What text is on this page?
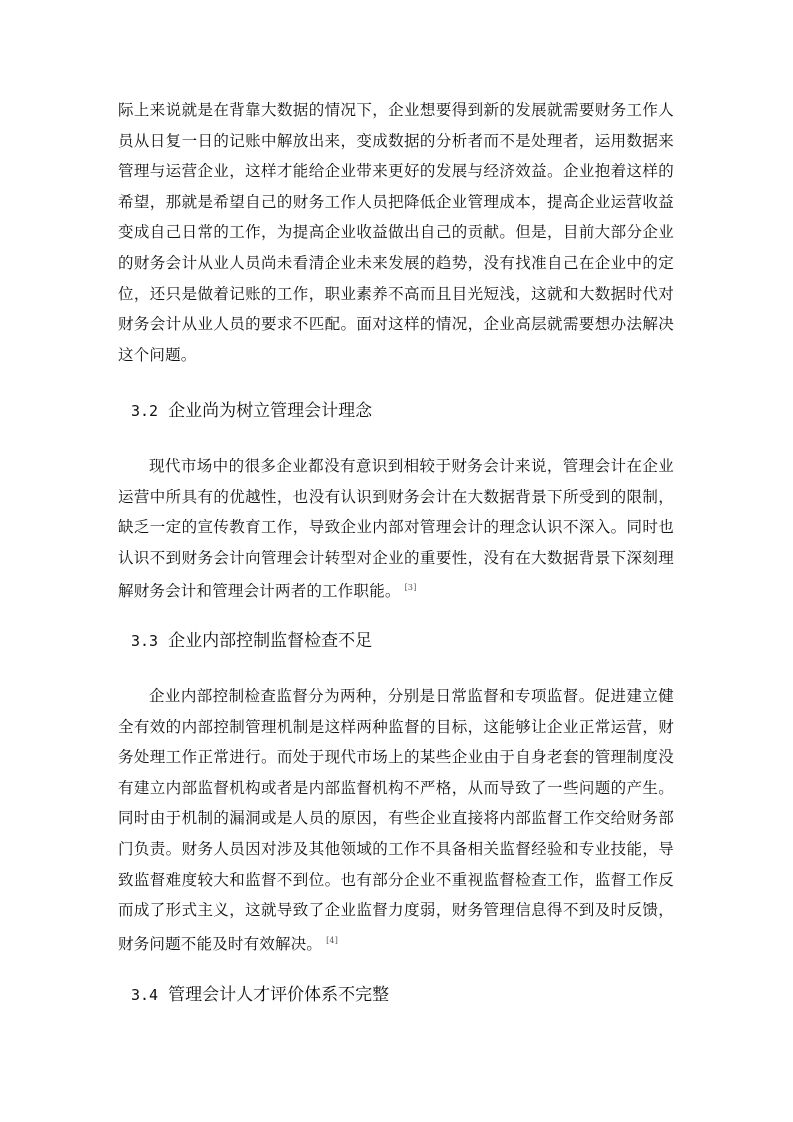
际上来说就是在背靠大数据的情况下，企业想要得到新的发展就需要财务工作人员从日复一日的记账中解放出来，变成数据的分析者而不是处理者，运用数据来管理与运营企业，这样才能给企业带来更好的发展与经济效益。企业抱着这样的希望，那就是希望自己的财务工作人员把降低企业管理成本，提高企业运营收益变成自己日常的工作，为提高企业收益做出自己的贡献。但是，目前大部分企业的财务会计从业人员尚未看清企业未来发展的趋势，没有找准自己在企业中的定位，还只是做着记账的工作，职业素养不高而且目光短浅，这就和大数据时代对财务会计从业人员的要求不匹配。面对这样的情况，企业高层就需要想办法解决这个问题。

3.2 企业尚为树立管理会计理念

现代市场中的很多企业都没有意识到相较于财务会计来说，管理会计在企业运营中所具有的优越性，也没有认识到财务会计在大数据背景下所受到的限制，缺乏一定的宣传教育工作，导致企业内部对管理会计的理念认识不深入。同时也认识不到财务会计向管理会计转型对企业的重要性，没有在大数据背景下深刻理解财务会计和管理会计两者的工作职能。 [3]

3.3 企业内部控制监督检查不足

企业内部控制检查监督分为两种，分别是日常监督和专项监督。促进建立健全有效的内部控制管理机制是这样两种监督的目标，这能够让企业正常运营，财务处理工作正常进行。而处于现代市场上的某些企业由于自身老套的管理制度没有建立内部监督机构或者是内部监督机构不严格，从而导致了一些问题的产生。同时由于机制的漏洞或是人员的原因，有些企业直接将内部监督工作交给财务部门负责。财务人员因对涉及其他领域的工作不具备相关监督经验和专业技能，导致监督难度较大和监督不到位。也有部分企业不重视监督检查工作，监督工作反而成了形式主义，这就导致了企业监督力度弱，财务管理信息得不到及时反馈，财务问题不能及时有效解决。 [4]

3.4 管理会计人才评价体系不完整
